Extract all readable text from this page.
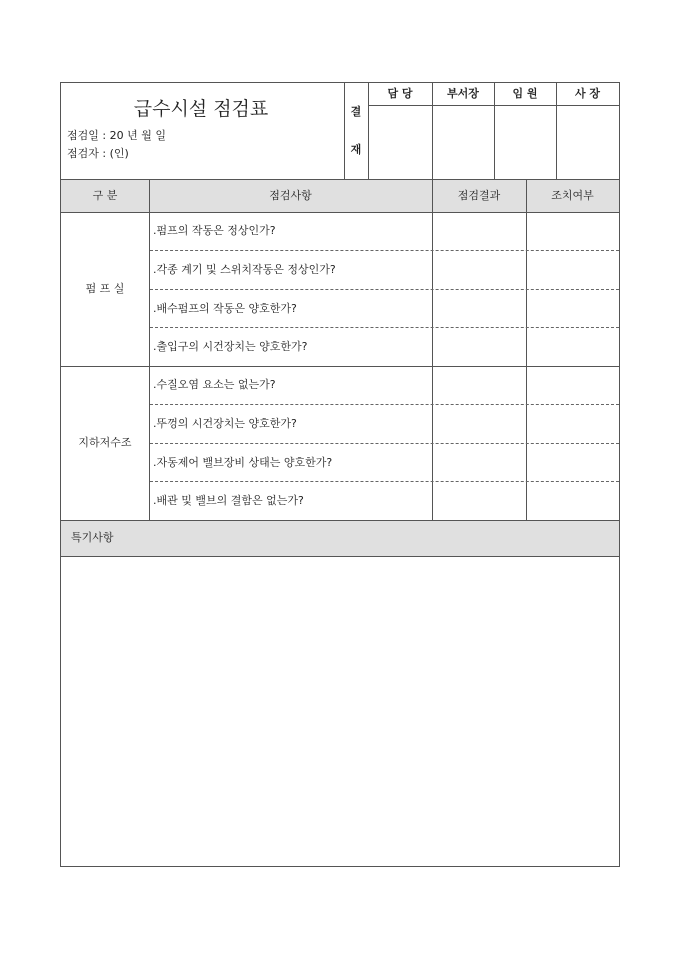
급수시설 점검표
점검일 : 20 년 월 일
점검자 : (인)
결
재
담 당	부서장	임 원	사 장
구 분	점검사항	점검결과	조치여부
펌 프 실
.펌프의 작동은 정상인가?
.각종 계기 및 스위치작동은 정상인가?
.배수펌프의 작동은 양호한가?
.출입구의 시건장치는 양호한가?
지하저수조
.수질오염 요소는 없는가?
.뚜껑의 시건장치는 양호한가?
.자동제어 밸브장비 상태는 양호한가?
.배관 및 밸브의 결함은 없는가?
특기사항
